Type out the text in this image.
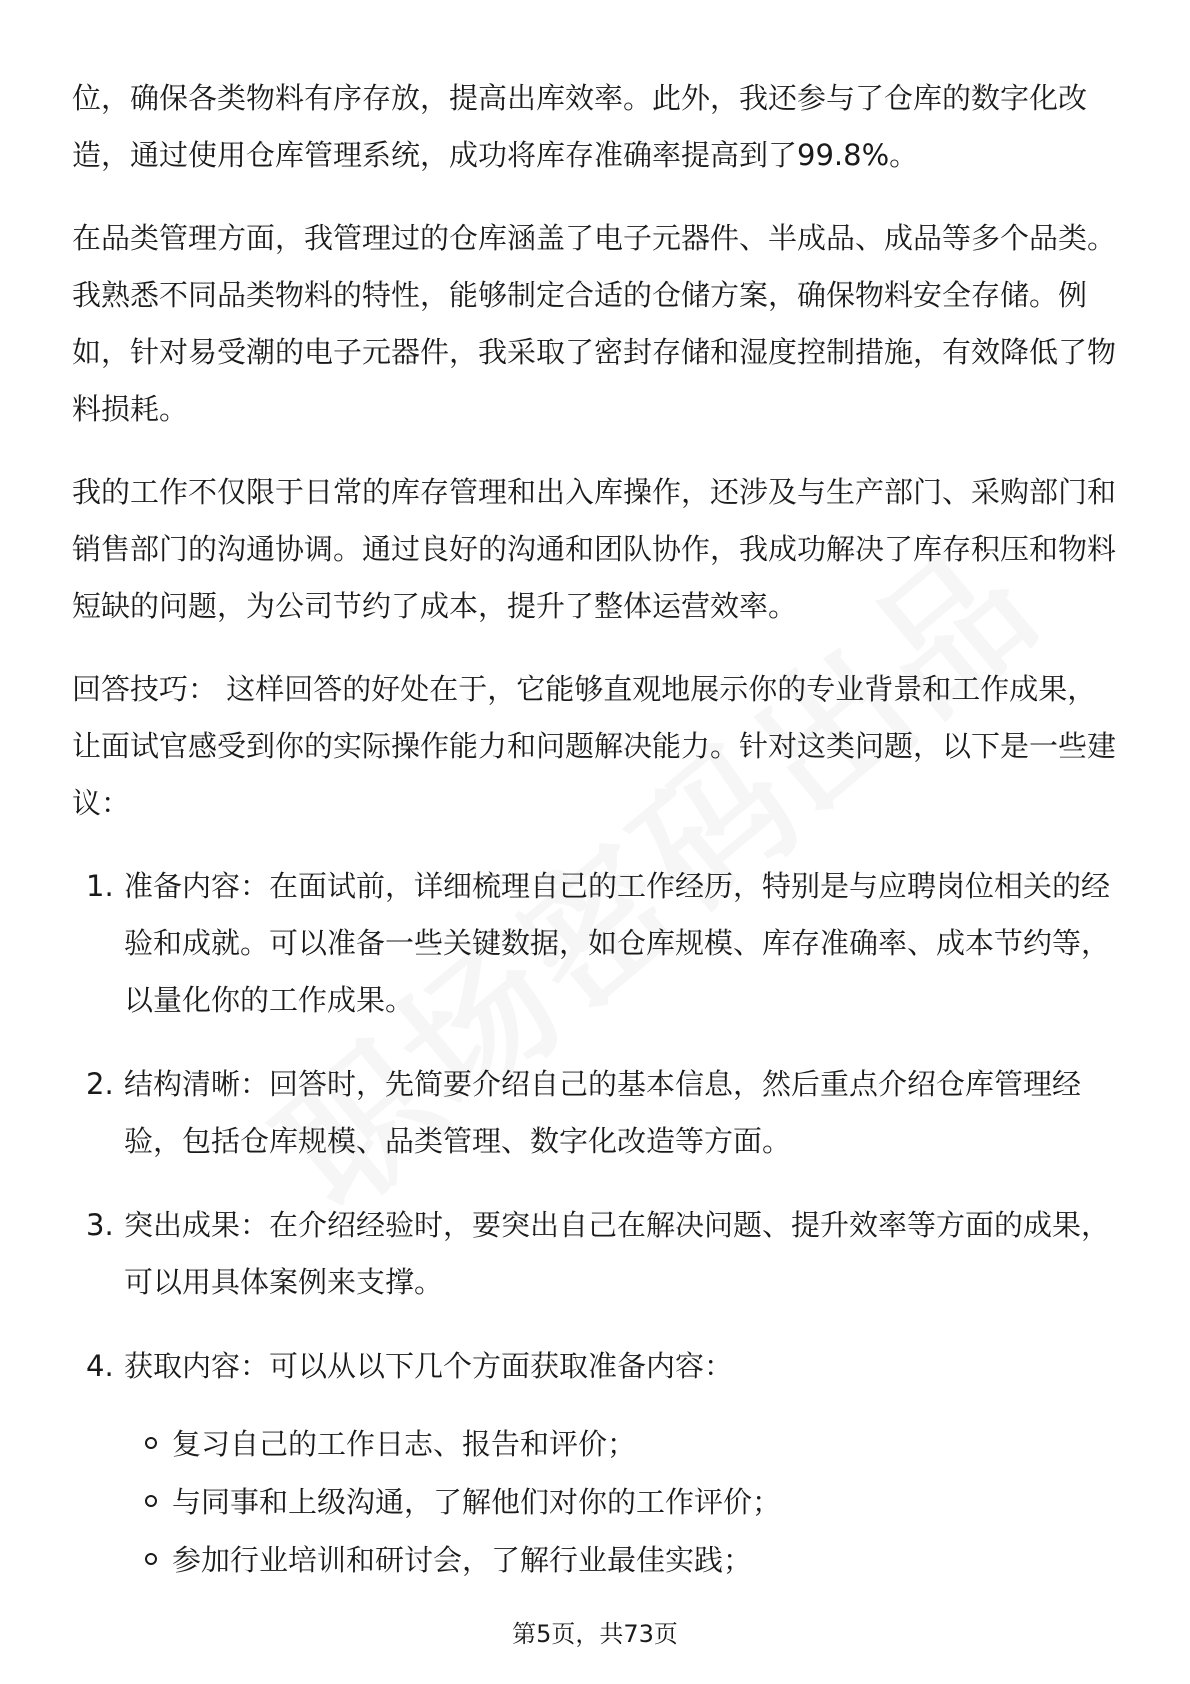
位，确保各类物料有序存放，提高出库效率。此外，我还参与了仓库的数字化改造，通过使用仓库管理系统，成功将库存准确率提高到了99.8%。

在品类管理方面，我管理过的仓库涵盖了电子元器件、半成品、成品等多个品类。我熟悉不同品类物料的特性，能够制定合适的仓储方案，确保物料安全存储。例如，针对易受潮的电子元器件，我采取了密封存储和湿度控制措施，有效降低了物料损耗。

我的工作不仅限于日常的库存管理和出入库操作，还涉及与生产部门、采购部门和销售部门的沟通协调。通过良好的沟通和团队协作，我成功解决了库存积压和物料短缺的问题，为公司节约了成本，提升了整体运营效率。

回答技巧： 这样回答的好处在于，它能够直观地展示你的专业背景和工作成果，让面试官感受到你的实际操作能力和问题解决能力。针对这类问题，以下是一些建议：

1. 准备内容：在面试前，详细梳理自己的工作经历，特别是与应聘岗位相关的经验和成就。可以准备一些关键数据，如仓库规模、库存准确率、成本节约等，以量化你的工作成果。
2. 结构清晰：回答时，先简要介绍自己的基本信息，然后重点介绍仓库管理经验，包括仓库规模、品类管理、数字化改造等方面。
3. 突出成果：在介绍经验时，要突出自己在解决问题、提升效率等方面的成果，可以用具体案例来支撑。
4. 获取内容：可以从以下几个方面获取准备内容：
复习自己的工作日志、报告和评价；
与同事和上级沟通，了解他们对你的工作评价；
参加行业培训和研讨会，了解行业最佳实践；
第5页，共73页
